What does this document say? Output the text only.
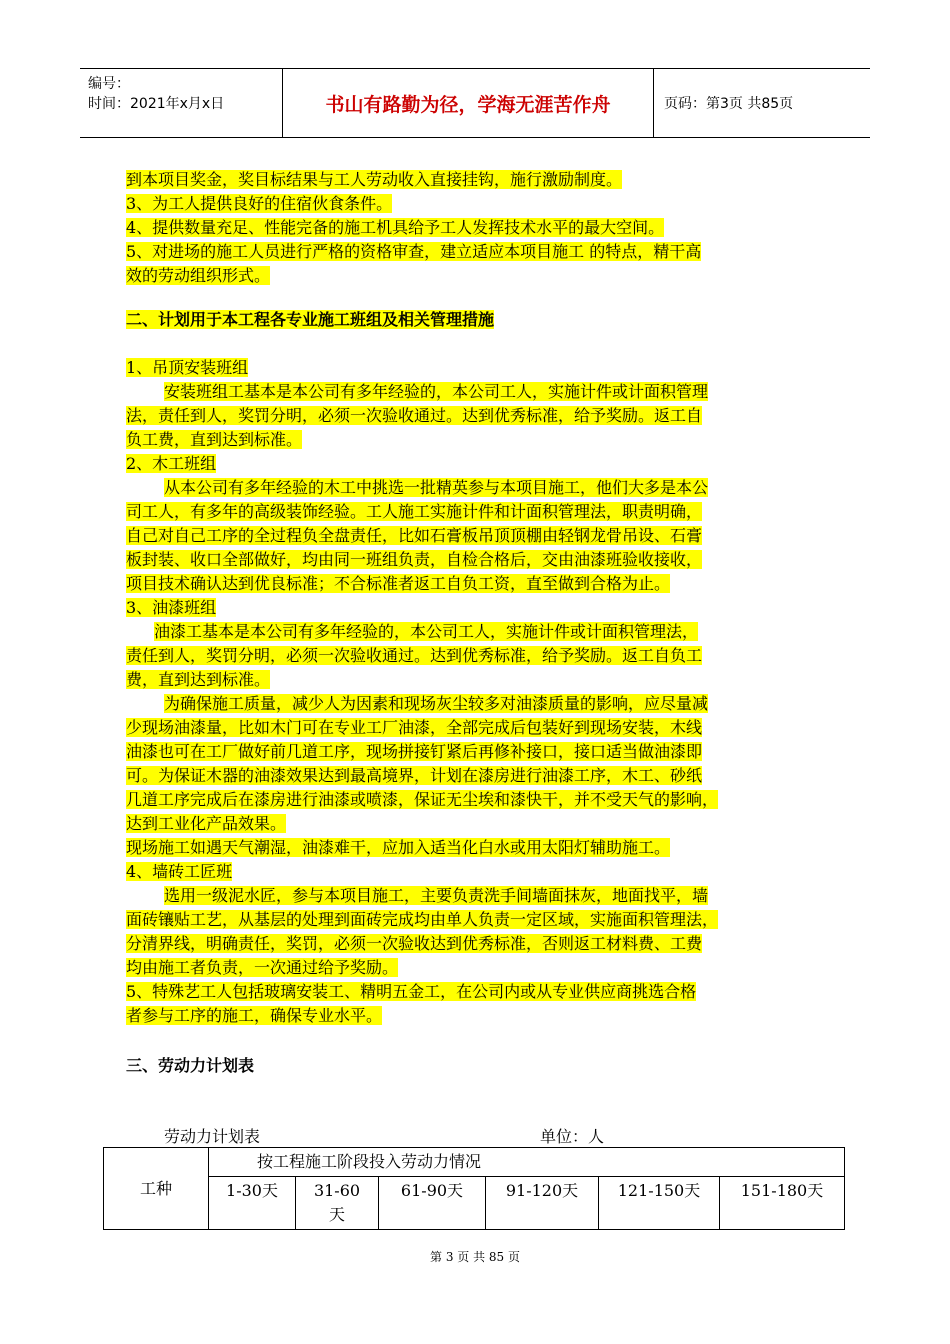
编号：
时间：2021年x月x日	书山有路勤为径，学海无涯苦作舟	页码：第3页 共85页
到本项目奖金，奖目标结果与工人劳动收入直接挂钩，施行激励制度。
3、为工人提供良好的住宿伙食条件。
4、提供数量充足、性能完备的施工机具给予工人发挥技术水平的最大空间。
5、对进场的施工人员进行严格的资格审查，建立适应本项目施工 的特点，精干高
效的劳动组织形式。
二、计划用于本工程各专业施工班组及相关管理措施
1、吊顶安装班组
安装班组工基本是本公司有多年经验的，本公司工人，实施计件或计面积管理
法，责任到人，奖罚分明，必须一次验收通过。达到优秀标准，给予奖励。返工自
负工费，直到达到标准。
2、木工班组
从本公司有多年经验的木工中挑选一批精英参与本项目施工，他们大多是本公
司工人，有多年的高级装饰经验。工人施工实施计件和计面积管理法，职责明确，
自己对自己工序的全过程负全盘责任，比如石膏板吊顶顶棚由轻钢龙骨吊设、石膏
板封装、收口全部做好，均由同一班组负责，自检合格后，交由油漆班验收接收，
项目技术确认达到优良标准；不合标准者返工自负工资，直至做到合格为止。
3、油漆班组
油漆工基本是本公司有多年经验的，本公司工人，实施计件或计面积管理法，
责任到人，奖罚分明，必须一次验收通过。达到优秀标准，给予奖励。返工自负工
费，直到达到标准。
为确保施工质量，减少人为因素和现场灰尘较多对油漆质量的影响，应尽量减
少现场油漆量，比如木门可在专业工厂油漆，全部完成后包装好到现场安装，木线
油漆也可在工厂做好前几道工序，现场拼接钉紧后再修补接口，接口适当做油漆即
可。为保证木器的油漆效果达到最高境界，计划在漆房进行油漆工序，木工、砂纸
几道工序完成后在漆房进行油漆或喷漆，保证无尘埃和漆快干，并不受天气的影响，
达到工业化产品效果。
现场施工如遇天气潮湿，油漆难干，应加入适当化白水或用太阳灯辅助施工。
4、墙砖工匠班
选用一级泥水匠，参与本项目施工，主要负责洗手间墙面抹灰，地面找平，墙
面砖镶贴工艺，从基层的处理到面砖完成均由单人负责一定区域，实施面积管理法，
分清界线，明确责任，奖罚，必须一次验收达到优秀标准，否则返工材料费、工费
均由施工者负责，一次通过给予奖励。
5、特殊艺工人包括玻璃安装工、精明五金工，在公司内或从专业供应商挑选合格
者参与工序的施工，确保专业水平。
三、劳动力计划表
劳动力计划表	单位：人
工种	按工程施工阶段投入劳动力情况					
	1-30天	31-60天	61-90天	91-120天	121-150天	151-180天
第 3 页 共 85 页
